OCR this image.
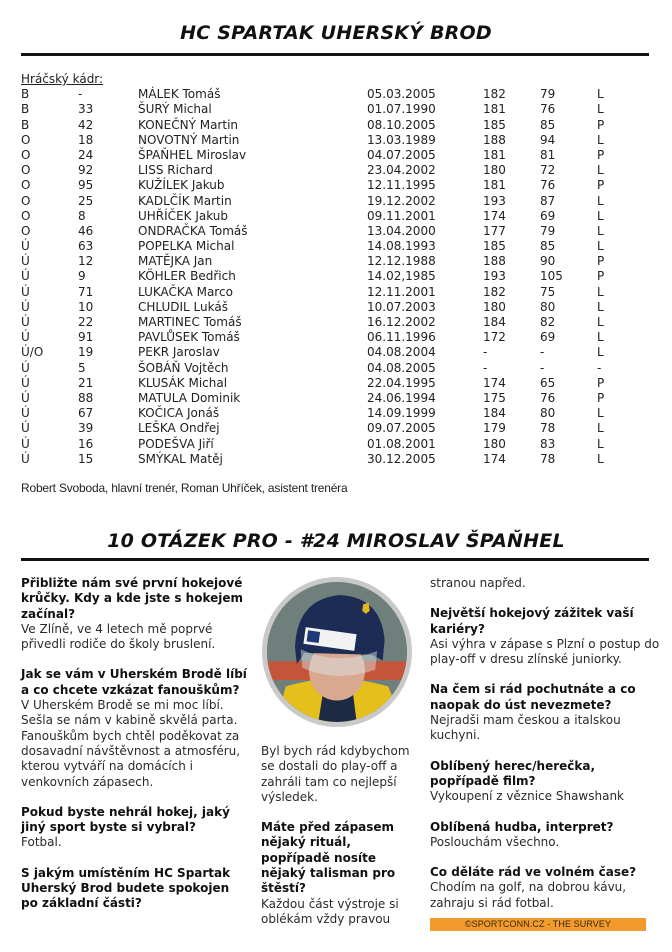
HC SPARTAK UHERSKÝ BROD
Hráčský kádr:
B	-	MÁLEK Tomáš	05.03.2005	182	79	L
B	33	ŠURÝ Michal	01.07.1990	181	76	L
B	42	KONEČNÝ Martin	08.10.2005	185	85	P
O	18	NOVOTNÝ Martin	13.03.1989	188	94	L
O	24	ŠPAŇHEL Miroslav	04.07.2005	181	81	P
O	92	LISS Richard	23.04.2002	180	72	L
O	95	KUŽÍLEK Jakub	12.11.1995	181	76	P
O	25	KADLČÍK Martin	19.12.2002	193	87	L
O	8	UHŘÍČEK Jakub	09.11.2001	174	69	L
O	46	ONDRAČKA Tomáš	13.04.2000	177	79	L
Ú	63	POPELKA Michal	14.08.1993	185	85	L
Ú	12	MATĚJKA Jan	12.12.1988	188	90	P
Ú	9	KÖHLER Bedřich	14.02,1985	193	105	P
Ú	71	LUKAČKA Marco	12.11.2001	182	75	L
Ú	10	CHLUDIL Lukáš	10.07.2003	180	80	L
Ú	22	MARTINEC Tomáš	16.12.2002	184	82	L
Ú	91	PAVLŮSEK Tomáš	06.11.1996	172	69	L
Ú/O	19	PEKR Jaroslav	04.08.2004	-	-	L
Ú	5	ŠOBÁŇ Vojtěch	04.08.2005	-	-	-
Ú	21	KLUSÁK Michal	22.04.1995	174	65	P
Ú	88	MATULA Dominik	24.06.1994	175	76	P
Ú	67	KOČICA Jonáš	14.09.1999	184	80	L
Ú	39	LEŠKA Ondřej	09.07.2005	179	78	L
Ú	16	PODEŠVA Jiří	01.08.2001	180	83	L
Ú	15	SMÝKAL Matěj	30.12.2005	174	78	L
Robert Svoboda, hlavní trenér, Roman Uhříček, asistent trenéra
10 OTÁZEK PRO - #24 MIROSLAV ŠPAŇHEL
Přibližte nám své první hokejové krůčky. Kdy a kde jste s hokejem začínal?
Ve Zlíně, ve 4 letech mě poprvé přivedli rodiče do školy bruslení.
Jak se vám v Uherském Brodě líbí a co chcete vzkázat fanouškům?
V Uherském Brodě se mi moc líbí. Sešla se nám v kabině skvělá parta. Fanouškům bych chtěl poděkovat za dosavadní návštěvnost a atmosféru, kterou vytváří na domácích i venkovních zápasech.
Pokud byste nehrál hokej, jaký jiný sport byste si vybral?
Fotbal.
S jakým umístěním HC Spartak Uherský Brod budete spokojen po základní části?
Byl bych rád kdybychom se dostali do play-off a zahráli tam co nejlepší výsledek.
Máte před zápasem nějaký rituál, popřípadě nosíte nějaký talisman pro štěstí?
Každou část výstroje si oblékám vždy pravou
stranou napřed.
Největší hokejový zážitek vaší kariéry?
Asi výhra v zápase s Plzní o postup do play-off v dresu zlínské juniorky.
Na čem si rád pochutnáte a co naopak do úst nevezmete?
Nejradši mam českou a italskou kuchyni.
Oblíbený herec/herečka, popřípadě film?
Vykoupení z věznice Shawshank
Oblíbená hudba, interpret?
Poslouchám všechno.
Co děláte rád ve volném čase?
Chodím na golf, na dobrou kávu, zahraju si rád fotbal.
©SPORTCONN.CZ - THE SURVEY
